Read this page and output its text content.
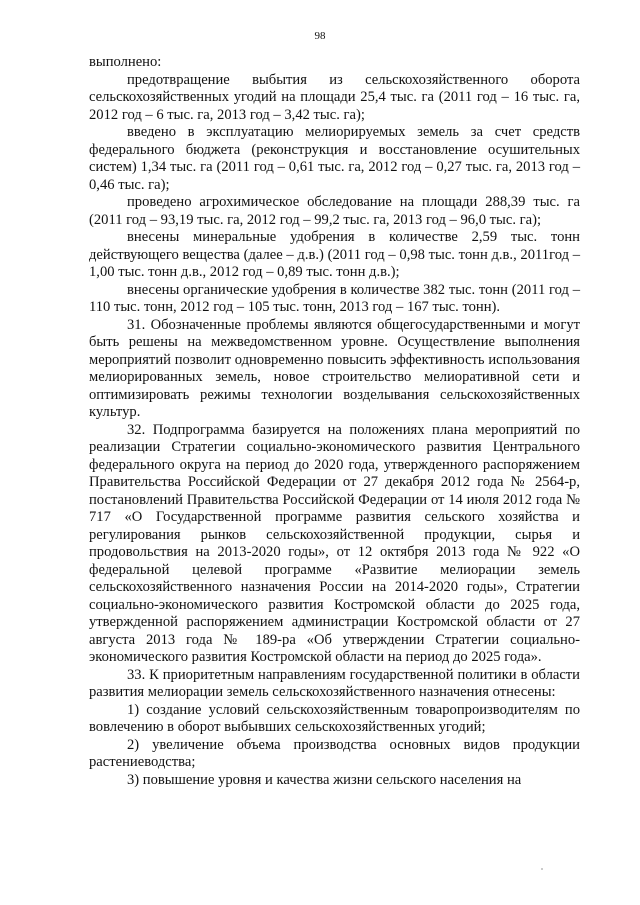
98

выполнено:

предотвращение выбытия из сельскохозяйственного оборота сельскохозяйственных угодий на площади 25,4 тыс. га (2011 год – 16 тыс. га, 2012 год – 6 тыс. га, 2013 год – 3,42 тыс. га);

введено в эксплуатацию мелиорируемых земель за счет средств федерального бюджета (реконструкция и восстановление осушительных систем) 1,34 тыс. га (2011 год – 0,61 тыс. га, 2012 год – 0,27 тыс. га, 2013 год – 0,46 тыс. га);

проведено агрохимическое обследование на площади 288,39 тыс. га (2011 год – 93,19 тыс. га, 2012 год – 99,2 тыс. га, 2013 год – 96,0 тыс. га);

внесены минеральные удобрения в количестве 2,59 тыс. тонн действующего вещества (далее – д.в.) (2011 год – 0,98 тыс. тонн д.в., 2011год – 1,00 тыс. тонн д.в., 2012 год – 0,89 тыс. тонн д.в.);

внесены органические удобрения в количестве 382 тыс. тонн (2011 год – 110 тыс. тонн, 2012 год – 105 тыс. тонн, 2013 год – 167 тыс. тонн).

31. Обозначенные проблемы являются общегосударственными и могут быть решены на межведомственном уровне. Осуществление выполнения мероприятий позволит одновременно повысить эффективность использования мелиорированных земель, новое строительство мелиоративной сети и оптимизировать режимы технологии возделывания сельскохозяйственных культур.

32. Подпрограмма базируется на положениях плана мероприятий по реализации Стратегии социально-экономического развития Центрального федерального округа на период до 2020 года, утвержденного распоряжением Правительства Российской Федерации от 27 декабря 2012 года № 2564-р, постановлений Правительства Российской Федерации от 14 июля 2012 года № 717 «О Государственной программе развития сельского хозяйства и регулирования рынков сельскохозяйственной продукции, сырья и продовольствия на 2013-2020 годы», от 12 октября 2013 года № 922 «О федеральной целевой программе «Развитие мелиорации земель сельскохозяйственного назначения России на 2014-2020 годы», Стратегии социально-экономического развития Костромской области до 2025 года, утвержденной распоряжением администрации Костромской области от 27 августа 2013 года № 189-ра «Об утверждении Стратегии социально-экономического развития Костромской области на период до 2025 года».

33. К приоритетным направлениям государственной политики в области развития мелиорации земель сельскохозяйственного назначения отнесены:

1) создание условий сельскохозяйственным товаропроизводителям по вовлечению в оборот выбывших сельскохозяйственных угодий;

2) увеличение объема производства основных видов продукции растениеводства;

3) повышение уровня и качества жизни сельского населения на
